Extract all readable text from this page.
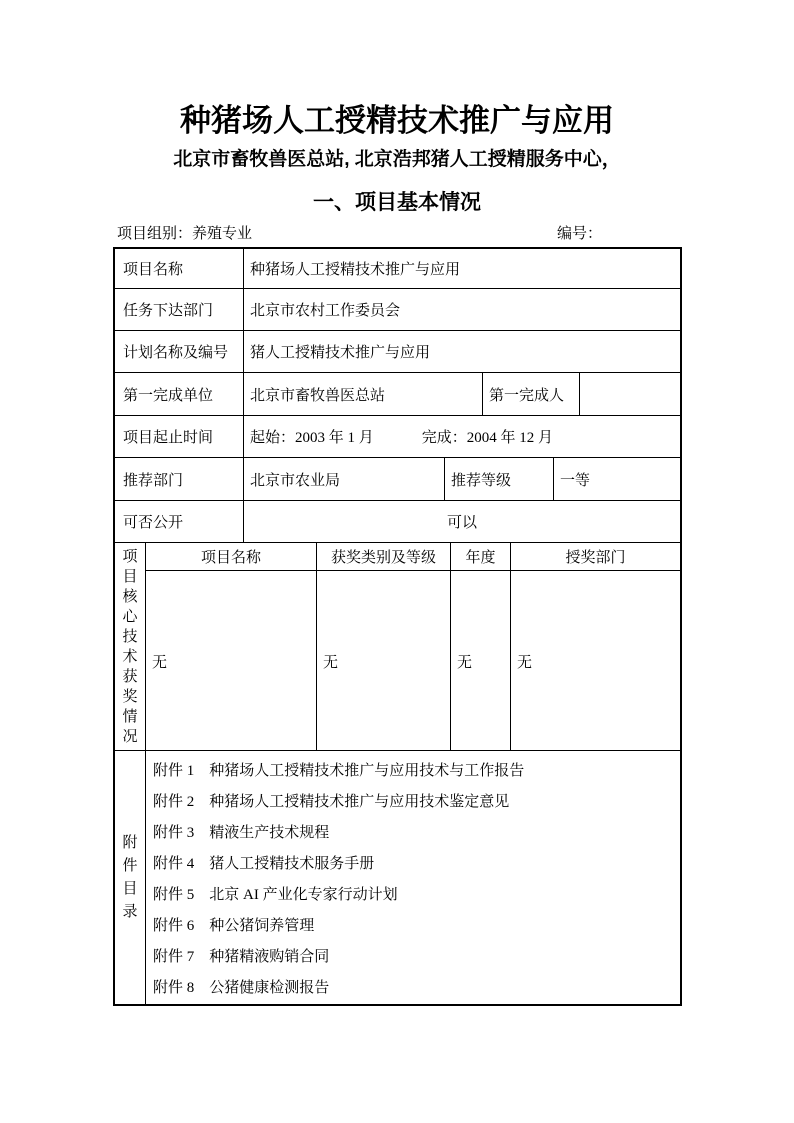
种猪场人工授精技术推广与应用
北京市畜牧兽医总站, 北京浩邦猪人工授精服务中心，
一、项目基本情况
项目组别：养殖专业	编号：
项目名称	种猪场人工授精技术推广与应用
任务下达部门	北京市农村工作委员会
计划名称及编号	猪人工授精技术推广与应用
第一完成单位	北京市畜牧兽医总站	第一完成人
项目起止时间	起始：2003 年 1 月	完成：2004 年 12 月
推荐部门	北京市农业局	推荐等级	一等
可否公开	可以
项目核心技术获奖情况
项目名称	获奖类别及等级	年度	授奖部门
无	无	无	无
附件目录
附件 1 种猪场人工授精技术推广与应用技术与工作报告
附件 2 种猪场人工授精技术推广与应用技术鉴定意见
附件 3 精液生产技术规程
附件 4 猪人工授精技术服务手册
附件 5 北京 AI 产业化专家行动计划
附件 6 种公猪饲养管理
附件 7 种猪精液购销合同
附件 8 公猪健康检测报告
